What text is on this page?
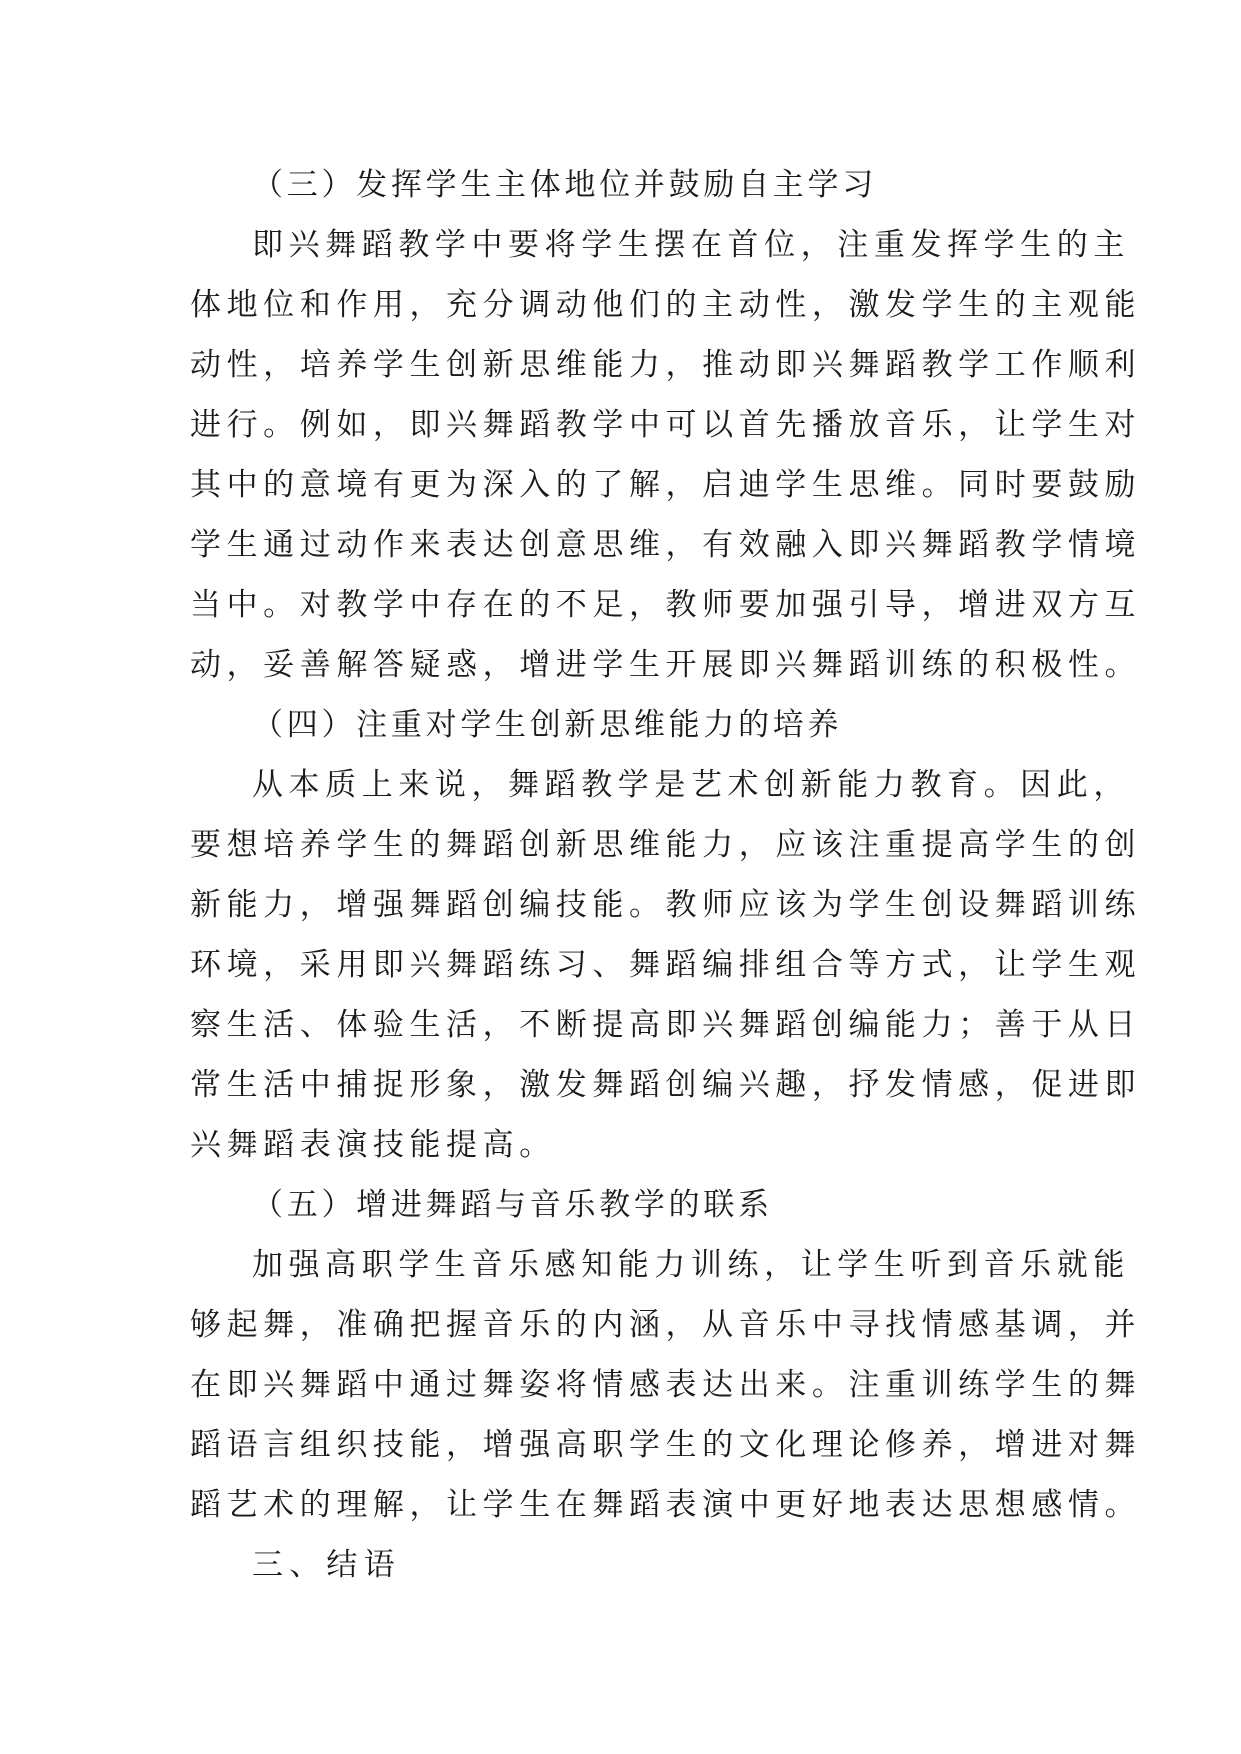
（三）发挥学生主体地位并鼓励自主学习
即兴舞蹈教学中要将学生摆在首位，注重发挥学生的主
体地位和作用，充分调动他们的主动性，激发学生的主观能
动性，培养学生创新思维能力，推动即兴舞蹈教学工作顺利
进行。例如，即兴舞蹈教学中可以首先播放音乐，让学生对
其中的意境有更为深入的了解，启迪学生思维。同时要鼓励
学生通过动作来表达创意思维，有效融入即兴舞蹈教学情境
当中。对教学中存在的不足，教师要加强引导，增进双方互
动，妥善解答疑惑，增进学生开展即兴舞蹈训练的积极性。
（四）注重对学生创新思维能力的培养
从本质上来说，舞蹈教学是艺术创新能力教育。因此，
要想培养学生的舞蹈创新思维能力，应该注重提高学生的创
新能力，增强舞蹈创编技能。教师应该为学生创设舞蹈训练
环境，采用即兴舞蹈练习、舞蹈编排组合等方式，让学生观
察生活、体验生活，不断提高即兴舞蹈创编能力；善于从日
常生活中捕捉形象，激发舞蹈创编兴趣，抒发情感，促进即
兴舞蹈表演技能提高。
（五）增进舞蹈与音乐教学的联系
加强高职学生音乐感知能力训练，让学生听到音乐就能
够起舞，准确把握音乐的内涵，从音乐中寻找情感基调，并
在即兴舞蹈中通过舞姿将情感表达出来。注重训练学生的舞
蹈语言组织技能，增强高职学生的文化理论修养，增进对舞
蹈艺术的理解，让学生在舞蹈表演中更好地表达思想感情。
三、结语
